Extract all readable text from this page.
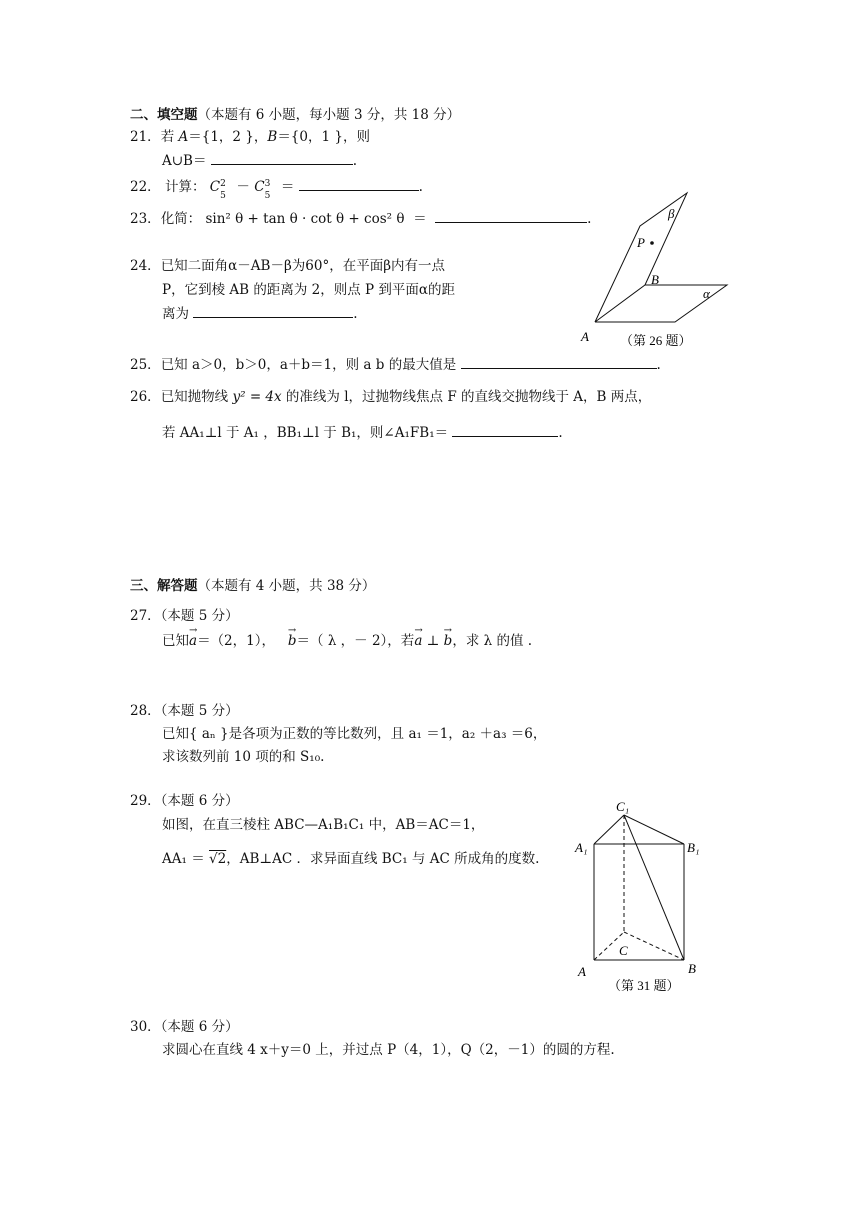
二、填空题（本题有 6 小题，每小题 3 分，共 18 分）
21．若 A＝{1，2 }，B＝{0，1 }，则
A∪B＝	.
22． 计算： C 2
5
－ C 3
5
＝	.
23．化简： sin² θ + tan θ · cot θ + cos² θ ＝	.
24．已知二面角α－AB－β为60°，在平面β内有一点
P，它到棱 AB 的距离为 2，则点 P 到平面α的距
离为	.
β
P
B
α
A （第 26 题）
25．已知 a＞0，b＞0，a＋b＝1，则 a b 的最大值是	.
26．已知抛物线 y² = 4x 的准线为 l，过抛物线焦点 F 的直线交抛物线于 A，B 两点，
若 AA₁⊥l 于 A₁ ，BB₁⊥l 于 B₁，则∠A₁FB₁＝	.
三、解答题（本题有 4 小题，共 38 分）
27．（本题 5 分）
已知→ a＝（2，1）， → b＝（ λ ，－ 2），若→ a ⊥ → b，求 λ 的值 .
28．（本题 5 分）
已知{ aₙ }是各项为正数的等比数列，且 a₁ ＝1，a₂ ＋a₃ ＝6，
求该数列前 10 项的和 S₁₀.
29．（本题 6 分）
如图，在直三棱柱 ABC—A₁B₁C₁ 中，AB＝AC＝1，
AA₁ ＝ √2，AB⊥AC ．求异面直线 BC₁ 与 AC 所成角的度数.
C₁
A₁	B₁
C
A	B
（第 31 题）
30．（本题 6 分）
求圆心在直线 4 x＋y＝0 上，并过点 P（4，1），Q（2，－1）的圆的方程.
